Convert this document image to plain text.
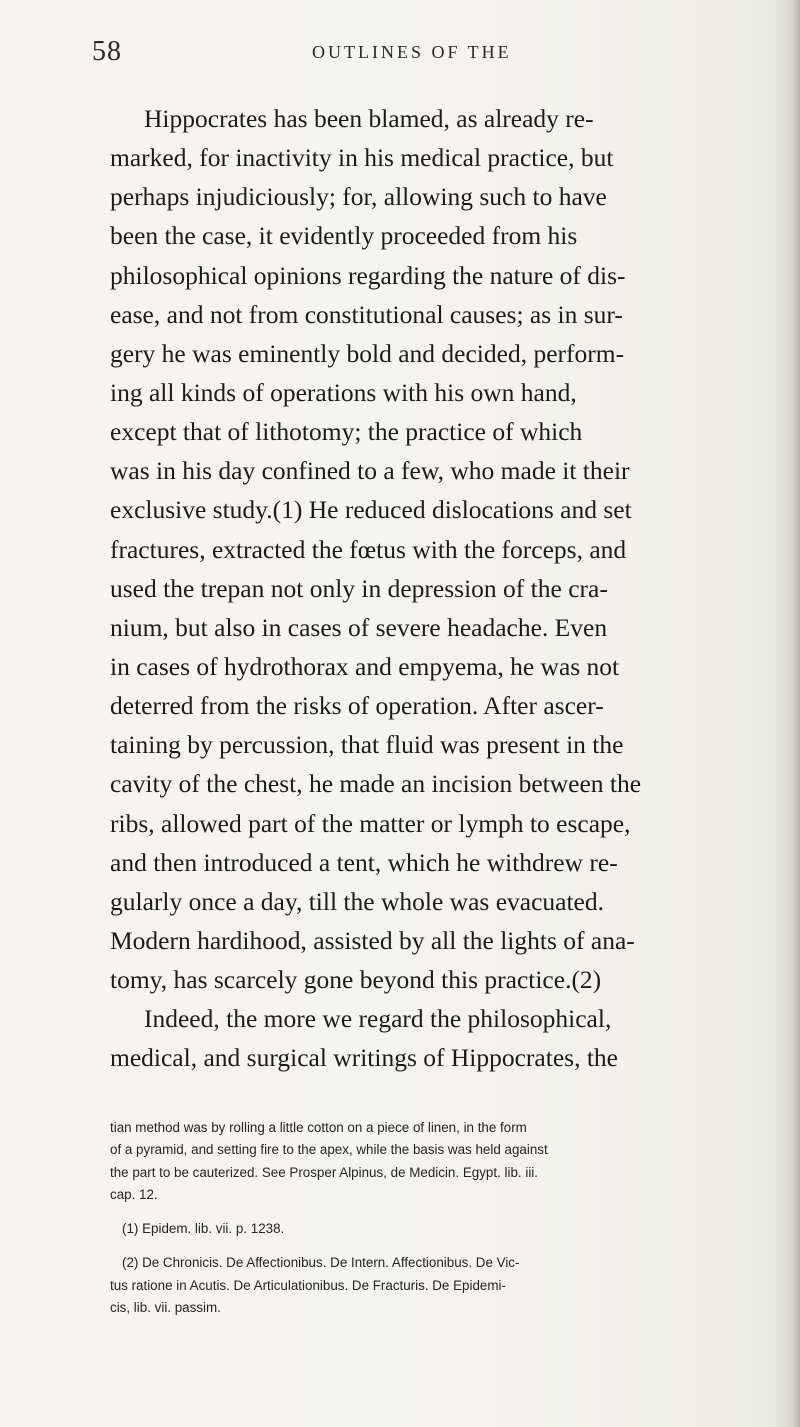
58	OUTLINES OF THE
Hippocrates has been blamed, as already re-
marked, for inactivity in his medical practice, but
perhaps injudiciously; for, allowing such to have
been the case, it evidently proceeded from his
philosophical opinions regarding the nature of dis-
ease, and not from constitutional causes; as in sur-
gery he was eminently bold and decided, perform-
ing all kinds of operations with his own hand,
except that of lithotomy; the practice of which
was in his day confined to a few, who made it their
exclusive study.(1) He reduced dislocations and set
fractures, extracted the fœtus with the forceps, and
used the trepan not only in depression of the cra-
nium, but also in cases of severe headache. Even
in cases of hydrothorax and empyema, he was not
deterred from the risks of operation. After ascer-
taining by percussion, that fluid was present in the
cavity of the chest, he made an incision between the
ribs, allowed part of the matter or lymph to escape,
and then introduced a tent, which he withdrew re-
gularly once a day, till the whole was evacuated.
Modern hardihood, assisted by all the lights of ana-
tomy, has scarcely gone beyond this practice.(2)
Indeed, the more we regard the philosophical,
medical, and surgical writings of Hippocrates, the
tian method was by rolling a little cotton on a piece of linen, in the form
of a pyramid, and setting fire to the apex, while the basis was held against
the part to be cauterized. See Prosper Alpinus, de Medicin. Egypt. lib. iii.
cap. 12.
(1) Epidem. lib. vii. p. 1238.
(2) De Chronicis. De Affectionibus. De Intern. Affectionibus. De Vic-
tus ratione in Acutis. De Articulationibus. De Fracturis. De Epidemi-
cis, lib. vii. passim.
